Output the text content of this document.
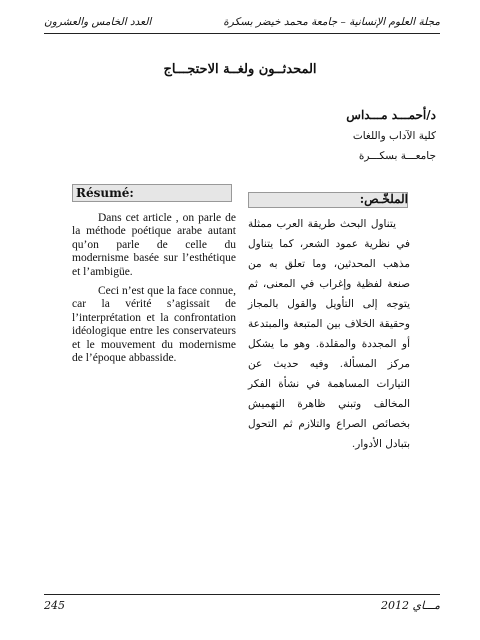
مجلة العلوم الإنسانية – جامعة محمد خيضر بسكرة
العدد الخامس والعشرون
المحدثــون ولغــة الاحتجـــاج
د/أحمـــد مـــداس
كلية الآداب واللغات
جامعـــة بسكـــرة
Résumé:	الملخّـص:

Dans cet article , on parle de la méthode poétique arabe autant qu’on parle de celle du modernisme basée sur l’esthétique et l’ambigüe.

Ceci n’est que la face connue, car la vérité s’agissait de l’interprétation et la confrontation idéologique entre les conservateurs et le mouvement du modernisme de l’époque abbasside.

يتناول البحث طريقة العرب ممثلة في نظرية عمود الشعر، كما يتناول مذهب المحدثين، وما تعلق به من صنعة لفظية وإغراب في المعنى، ثم يتوجه إلى التأويل والقول بالمجاز وحقيقة الخلاف بين المتبعة والمبتدعة أو المجددة والمقلدة. وهو ما يشكل مركز المسألة. وفيه حديث عن التيارات المساهمة في نشأة الفكر المخالف وتبني ظاهرة التهميش بخصائص الصراع والتلازم ثم التحول بتبادل الأدوار.

245	مـــاي 2012
